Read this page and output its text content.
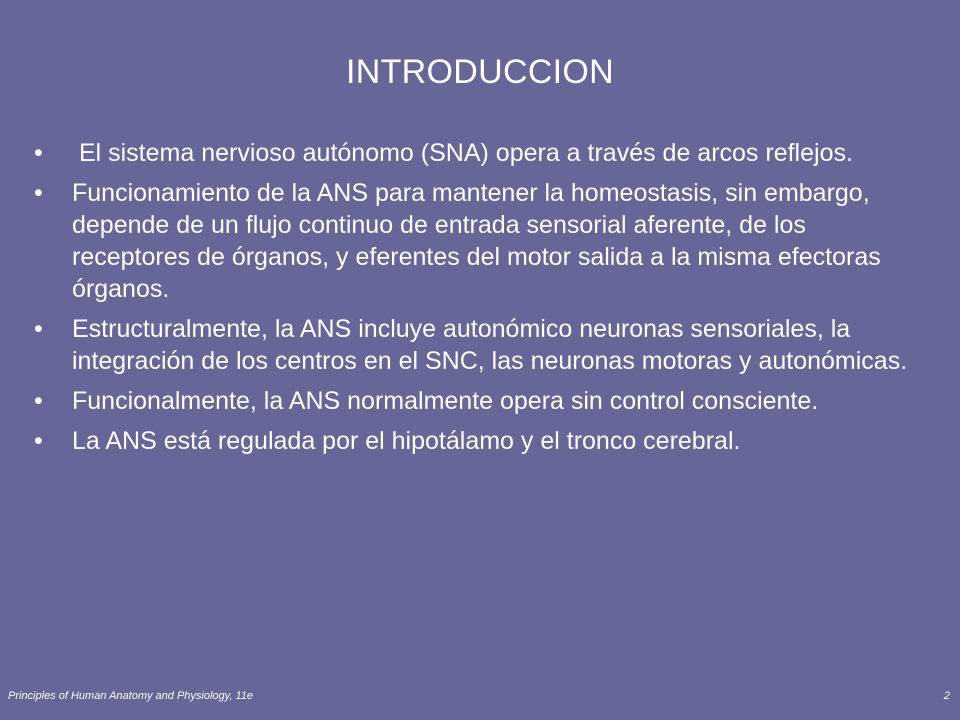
INTRODUCCION
•	El sistema nervioso autónomo (SNA) opera a través de arcos reflejos.
•	Funcionamiento de la ANS para mantener la homeostasis, sin embargo, depende de un flujo continuo de entrada sensorial aferente, de los receptores de órganos, y eferentes del motor salida a la misma efectoras órganos.
•	Estructuralmente, la ANS incluye autonómico neuronas sensoriales, la integración de los centros en el SNC, las neuronas motoras y autonómicas.
•	Funcionalmente, la ANS normalmente opera sin control consciente.
•	La ANS está regulada por el hipotálamo y el tronco cerebral.
Principles of Human Anatomy and Physiology, 11e	2
